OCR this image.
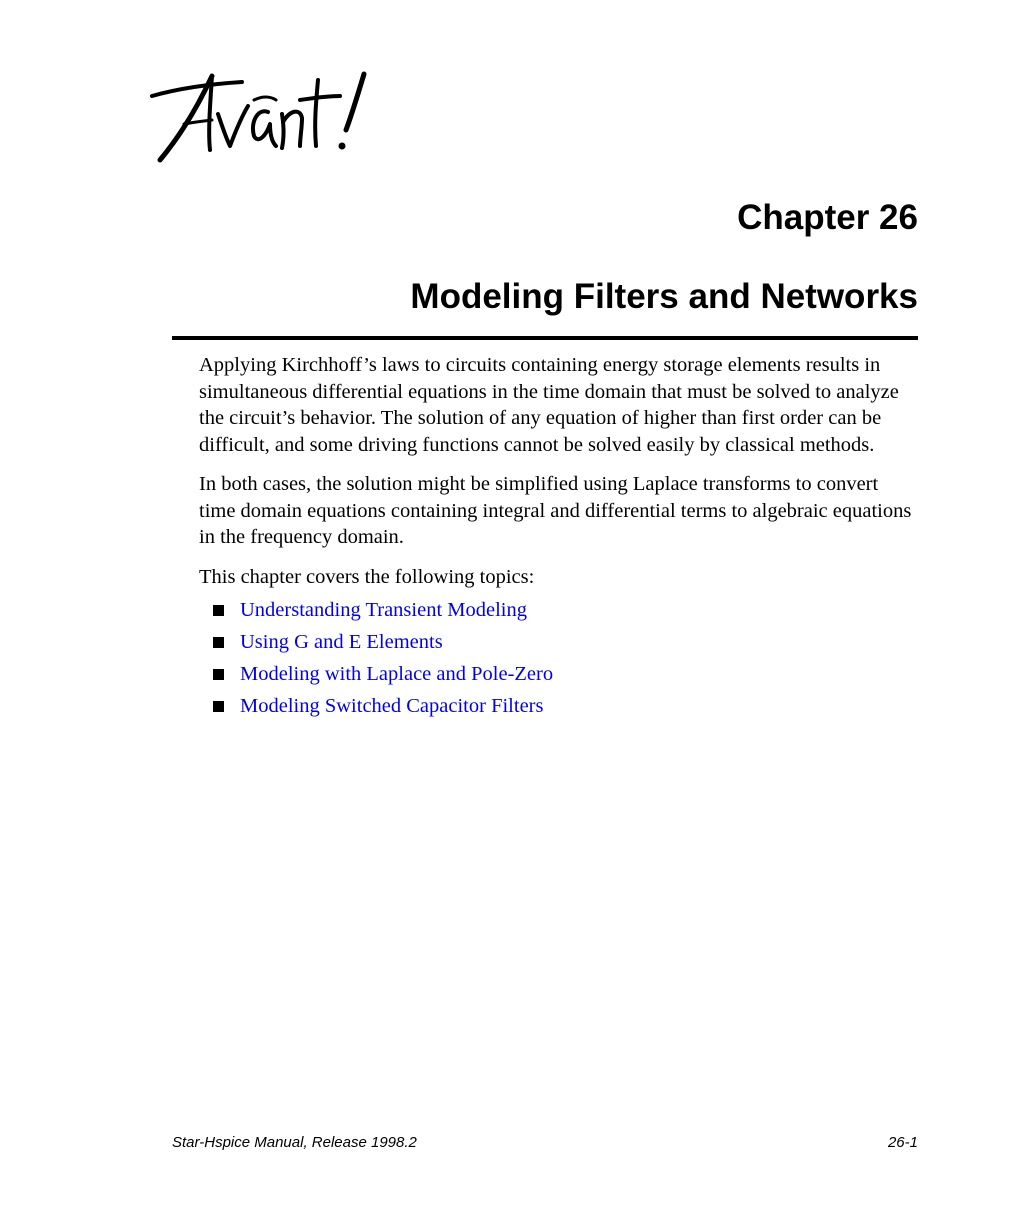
Chapter 26
Modeling Filters and Networks

Applying Kirchhoff’s laws to circuits containing energy storage elements results in simultaneous differential equations in the time domain that must be solved to analyze the circuit’s behavior. The solution of any equation of higher than first order can be difficult, and some driving functions cannot be solved easily by classical methods.

In both cases, the solution might be simplified using Laplace transforms to convert time domain equations containing integral and differential terms to algebraic equations in the frequency domain.

This chapter covers the following topics:

Understanding Transient Modeling
Using G and E Elements
Modeling with Laplace and Pole-Zero
Modeling Switched Capacitor Filters
Star-Hspice Manual, Release 1998.2	26-1
